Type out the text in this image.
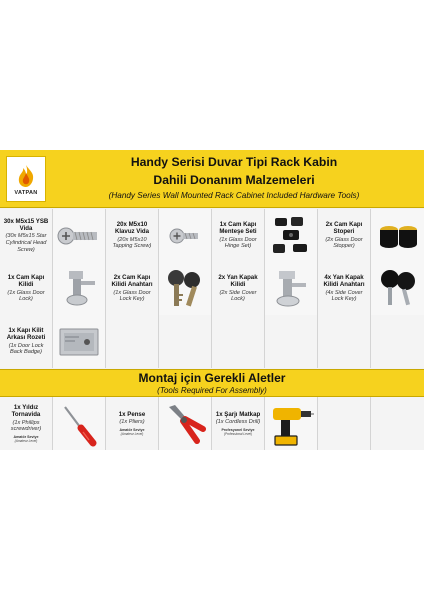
VATPAN
Handy Serisi Duvar Tipi Rack Kabin
Dahili Donanım Malzemeleri
(Handy Series Wall Mounted Rack Cabinet Included Hardware Tools)
30x M5x15 YSB Vida
(30x M5x15 Star Cylindrical Head Screw)
20x M5x10 Klavuz Vida
(20x M5x10 Tapping Screw)
1x Cam Kapı Menteşe Seti
(1x Glass Door Hinge Set)
2x Cam Kapı Stoperi
(2x Glass Door Stopper)
1x Cam Kapı Kilidi
(1x Glass Door Lock)
2x Cam Kapı Kilidi Anahtarı
(1x Glass Door Lock Key)
2x Yan Kapak Kilidi
(2x Side Cover Lock)
4x Yan Kapak Kilidi Anahtarı
(4x Side Cover Lock Key)
1x Kapı Kilit Arkası Rozeti
(1x Door Lock Back Badge)
Montaj için Gerekli Aletler
(Tools Required For Assembly)
1x Yıldız Tornavida
(1x Phillips screwdriver)
Amatör Seviye
(Amateur Level)
1x Pense
(1x Pliers)
Amatör Seviye
(Amateur Level)
1x Şarjı Matkap
(1x Cordless Drill)
Profesyonel Seviye
(Professional Level)
